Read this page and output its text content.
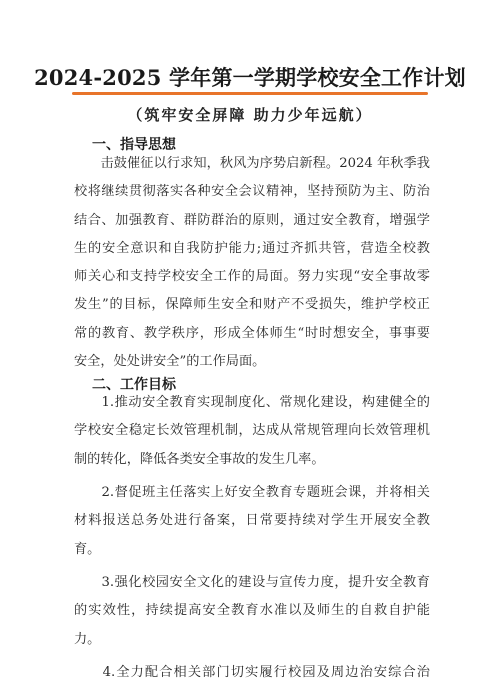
2024-2025 学年第一学期学校安全工作计划
（筑牢安全屏障 助力少年远航）
一、指导思想
　　击鼓催征以行求知，秋风为序势启新程。2024 年秋季我
校将继续贯彻落实各种安全会议精神，坚持预防为主、防治
结合、加强教育、群防群治的原则，通过安全教育，增强学
生的安全意识和自我防护能力;通过齐抓共管，营造全校教
师关心和支持学校安全工作的局面。努力实现“安全事故零
发生”的目标，保障师生安全和财产不受损失，维护学校正
常的教育、教学秩序，形成全体师生“时时想安全，事事要
安全，处处讲安全”的工作局面。
二、工作目标
　　1.推动安全教育实现制度化、常规化建设，构建健全的
学校安全稳定长效管理机制，达成从常规管理向长效管理机
制的转化，降低各类安全事故的发生几率。
　　2.督促班主任落实上好安全教育专题班会课，并将相关
材料报送总务处进行备案，日常要持续对学生开展安全教
育。
　　3.强化校园安全文化的建设与宣传力度，提升安全教育
的实效性，持续提高安全教育水准以及师生的自救自护能
力。
　　4.全力配合相关部门切实履行校园及周边治安综合治
